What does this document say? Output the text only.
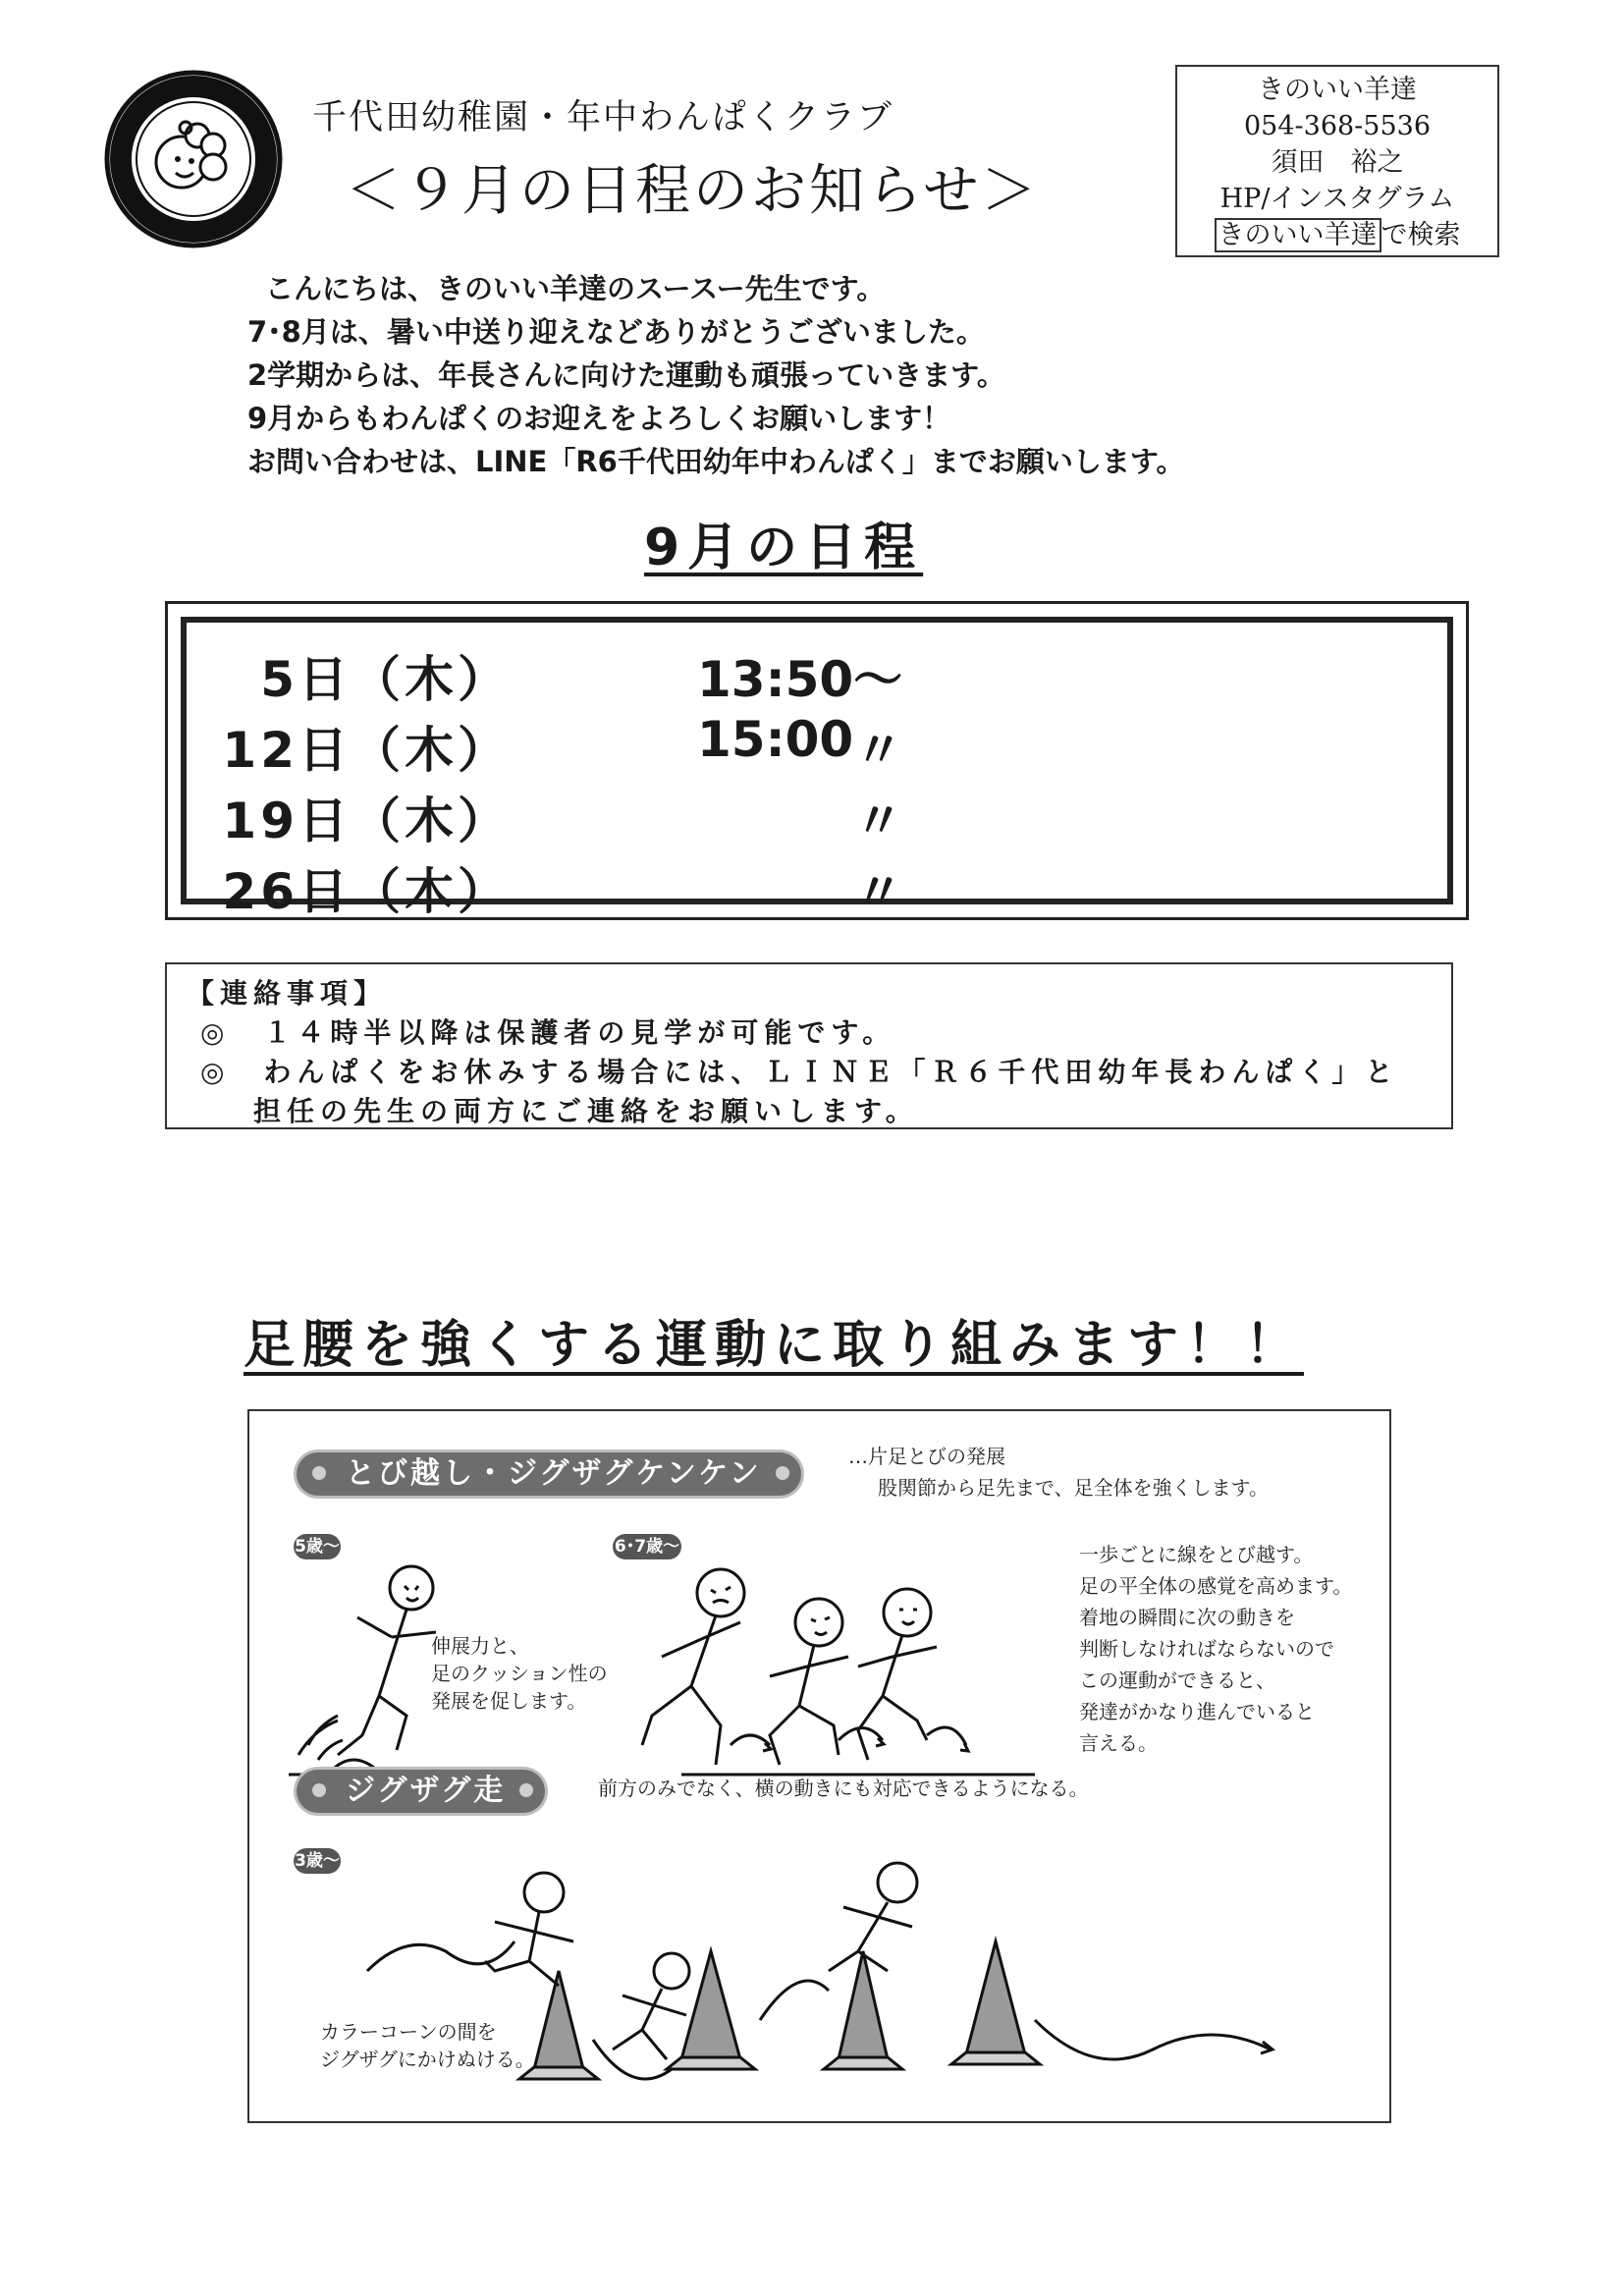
千代田幼稚園・年中わんぱくクラブ
＜９月の日程のお知らせ＞
きのいい羊達
054-368-5536
須田　裕之
HP/インスタグラム
きのいい羊達 で検索
こんにちは、きのいい羊達のスースー先生です。
7･8月は、暑い中送り迎えなどありがとうございました。
2学期からは、年長さんに向けた運動も頑張っていきます。
9月からもわんぱくのお迎えをよろしくお願いします！
お問い合わせは、LINE「R6千代田幼年中わんぱく」までお願いします。
9月の日程
5日（木）	13:50〜15:00
12日（木）	〃
19日（木）	〃
26日（木）	〃
【連絡事項】
◎　１４時半以降は保護者の見学が可能です。
◎　わんぱくをお休みする場合には、ＬＩＮＥ「Ｒ６千代田幼年長わんぱく」と
担任の先生の両方にご連絡をお願いします。
足腰を強くする運動に取り組みます！！
とび越し・ジグザグケンケン	…片足とびの発展
股関節から足先まで、足全体を強くします。
5歳〜	6･7歳〜
伸展力と、
足のクッション性の
発展を促します。
一歩ごとに線をとび越す。
足の平全体の感覚を高めます。
着地の瞬間に次の動きを
判断しなければならないので
この運動ができると、
発達がかなり進んでいると
言える。
ジグザグ走	前方のみでなく、横の動きにも対応できるようになる。
3歳〜
カラーコーンの間を
ジグザグにかけぬける。
